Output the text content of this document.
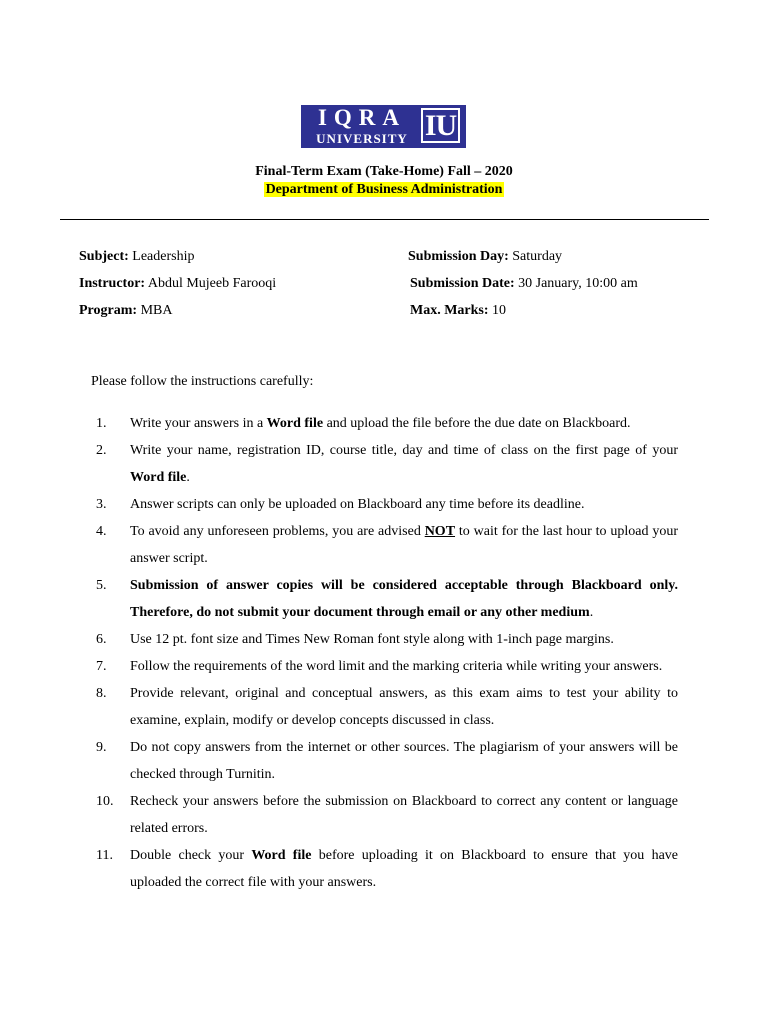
IQRA
UNIVERSITY IU
Final-Term Exam (Take-Home) Fall – 2020
Department of Business Administration
Subject: Leadership
Instructor: Abdul Mujeeb Farooqi
Program: MBA
Submission Day: Saturday
Submission Date: 30 January, 10:00 am
Max. Marks: 10
Please follow the instructions carefully:
1. Write your answers in a Word file and upload the file before the due date on Blackboard.
2. Write your name, registration ID, course title, day and time of class on the first page of your Word file.
3. Answer scripts can only be uploaded on Blackboard any time before its deadline.
4. To avoid any unforeseen problems, you are advised NOT to wait for the last hour to upload your answer script.
5. Submission of answer copies will be considered acceptable through Blackboard only. Therefore, do not submit your document through email or any other medium.
6. Use 12 pt. font size and Times New Roman font style along with 1-inch page margins.
7. Follow the requirements of the word limit and the marking criteria while writing your answers.
8. Provide relevant, original and conceptual answers, as this exam aims to test your ability to examine, explain, modify or develop concepts discussed in class.
9. Do not copy answers from the internet or other sources. The plagiarism of your answers will be checked through Turnitin.
10. Recheck your answers before the submission on Blackboard to correct any content or language related errors.
11. Double check your Word file before uploading it on Blackboard to ensure that you have uploaded the correct file with your answers.
